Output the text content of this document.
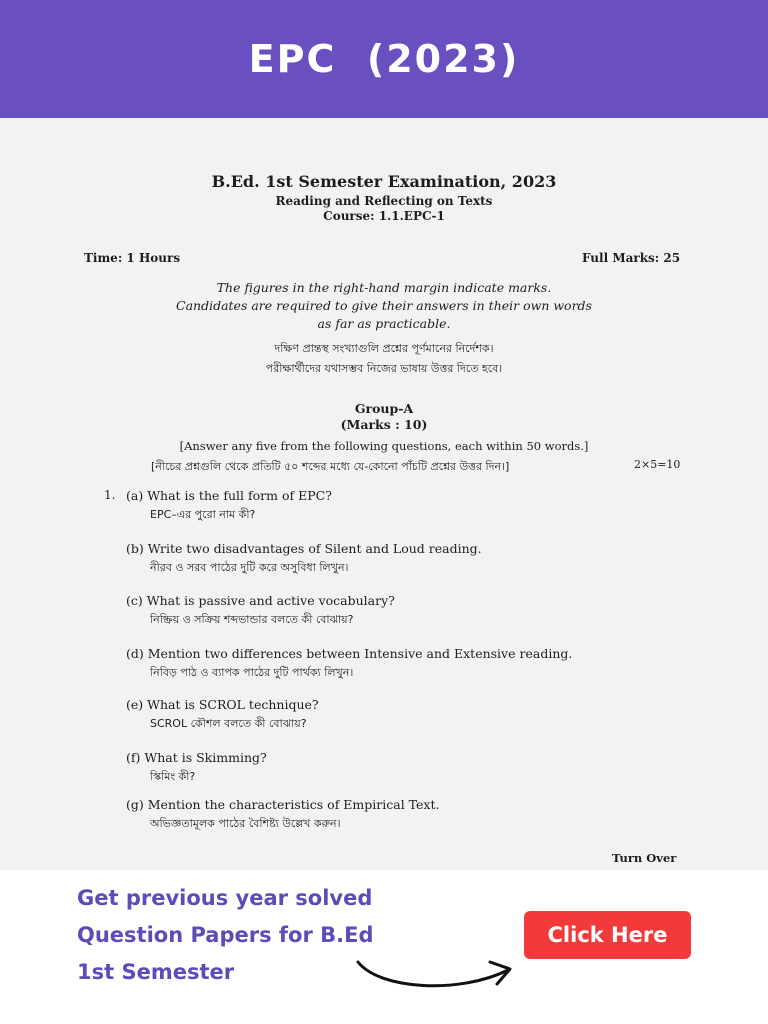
EPC  (2023)
B.Ed. 1st Semester Examination, 2023
Reading and Reflecting on Texts
Course: 1.1.EPC-1
Time: 1 Hours	Full Marks: 25
The figures in the right-hand margin indicate marks.
Candidates are required to give their answers in their own words
as far as practicable.
দক্ষিণ প্রান্তস্থ সংখ্যাগুলি প্রশ্নের পূর্ণমানের নির্দেশক।
পরীক্ষার্থীদের যথাসম্ভব নিজের ভাষায় উত্তর দিতে হবে।
Group-A
(Marks : 10)
[Answer any five from the following questions, each within 50 words.]
[নীচের প্রশ্নগুলি থেকে প্রতিটি ৫০ শব্দের মধ্যে যে-কোনো পাঁচটি প্রশ্নের উত্তর দিন।]	2×5=10
1. (a) What is the full form of EPC?
EPC–এর পুরো নাম কী?
(b) Write two disadvantages of Silent and Loud reading.
নীরব ও সরব পাঠের দুটি করে অসুবিধা লিখুন।
(c) What is passive and active vocabulary?
নিষ্ক্রিয় ও সক্রিয় শব্দভান্ডার বলতে কী বোঝায়?
(d) Mention two differences between Intensive and Extensive reading.
নিবিড় পাঠ ও ব্যাপক পাঠের দুটি পার্থক্য লিখুন।
(e) What is SCROL technique?
SCROL কৌশল বলতে কী বোঝায়?
(f) What is Skimming?
স্কিমিং কী?
(g) Mention the characteristics of Empirical Text.
অভিজ্ঞতামূলক পাঠের বৈশিষ্ট্য উল্লেখ করুন।
Turn Over
Get previous year solved
Question Papers for B.Ed
1st Semester
Click Here
